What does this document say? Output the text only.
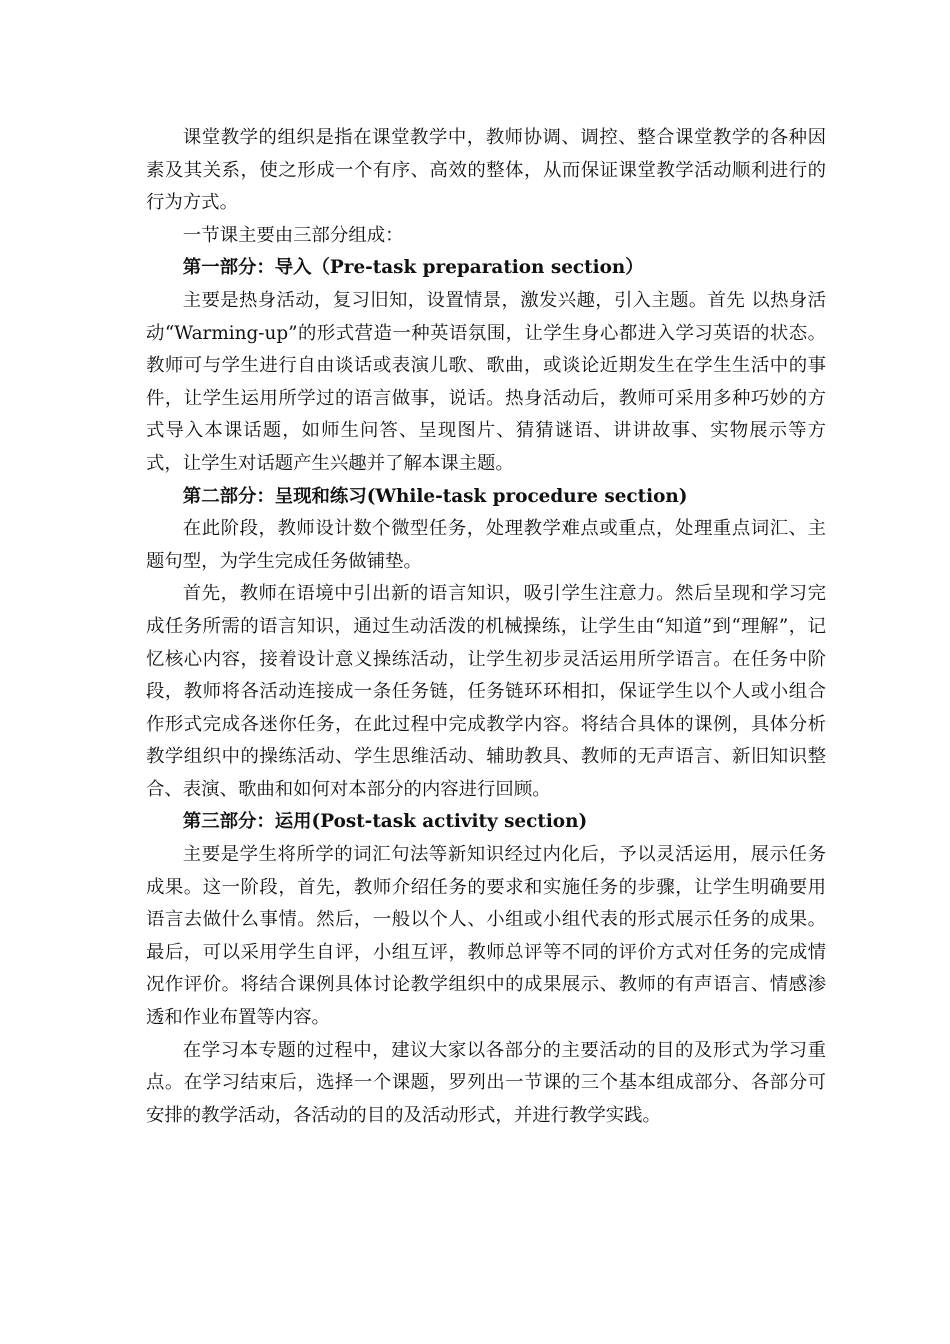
课堂教学的组织是指在课堂教学中，教师协调、调控、整合课堂教学的各种因素及其关系，使之形成一个有序、高效的整体，从而保证课堂教学活动顺利进行的行为方式。

一节课主要由三部分组成：

第一部分：导入（Pre-task preparation section）

主要是热身活动，复习旧知，设置情景，激发兴趣，引入主题。首先 以热身活动“Warming-up”的形式营造一种英语氛围，让学生身心都进入学习英语的状态。教师可与学生进行自由谈话或表演儿歌、歌曲，或谈论近期发生在学生生活中的事件，让学生运用所学过的语言做事，说话。热身活动后，教师可采用多种巧妙的方式导入本课话题，如师生问答、呈现图片、猜猜谜语、讲讲故事、实物展示等方式，让学生对话题产生兴趣并了解本课主题。

第二部分：呈现和练习(While-task procedure section)

在此阶段，教师设计数个微型任务，处理教学难点或重点，处理重点词汇、主题句型，为学生完成任务做铺垫。

首先，教师在语境中引出新的语言知识，吸引学生注意力。然后呈现和学习完成任务所需的语言知识，通过生动活泼的机械操练，让学生由“知道”到“理解”，记忆核心内容，接着设计意义操练活动，让学生初步灵活运用所学语言。在任务中阶段，教师将各活动连接成一条任务链，任务链环环相扣，保证学生以个人或小组合作形式完成各迷你任务，在此过程中完成教学内容。将结合具体的课例，具体分析教学组织中的操练活动、学生思维活动、辅助教具、教师的无声语言、新旧知识整合、表演、歌曲和如何对本部分的内容进行回顾。

第三部分：运用(Post-task activity section)

主要是学生将所学的词汇句法等新知识经过内化后，予以灵活运用，展示任务成果。这一阶段，首先，教师介绍任务的要求和实施任务的步骤，让学生明确要用语言去做什么事情。然后，一般以个人、小组或小组代表的形式展示任务的成果。最后，可以采用学生自评，小组互评，教师总评等不同的评价方式对任务的完成情况作评价。将结合课例具体讨论教学组织中的成果展示、教师的有声语言、情感渗透和作业布置等内容。

在学习本专题的过程中，建议大家以各部分的主要活动的目的及形式为学习重点。在学习结束后，选择一个课题，罗列出一节课的三个基本组成部分、各部分可安排的教学活动，各活动的目的及活动形式，并进行教学实践。
